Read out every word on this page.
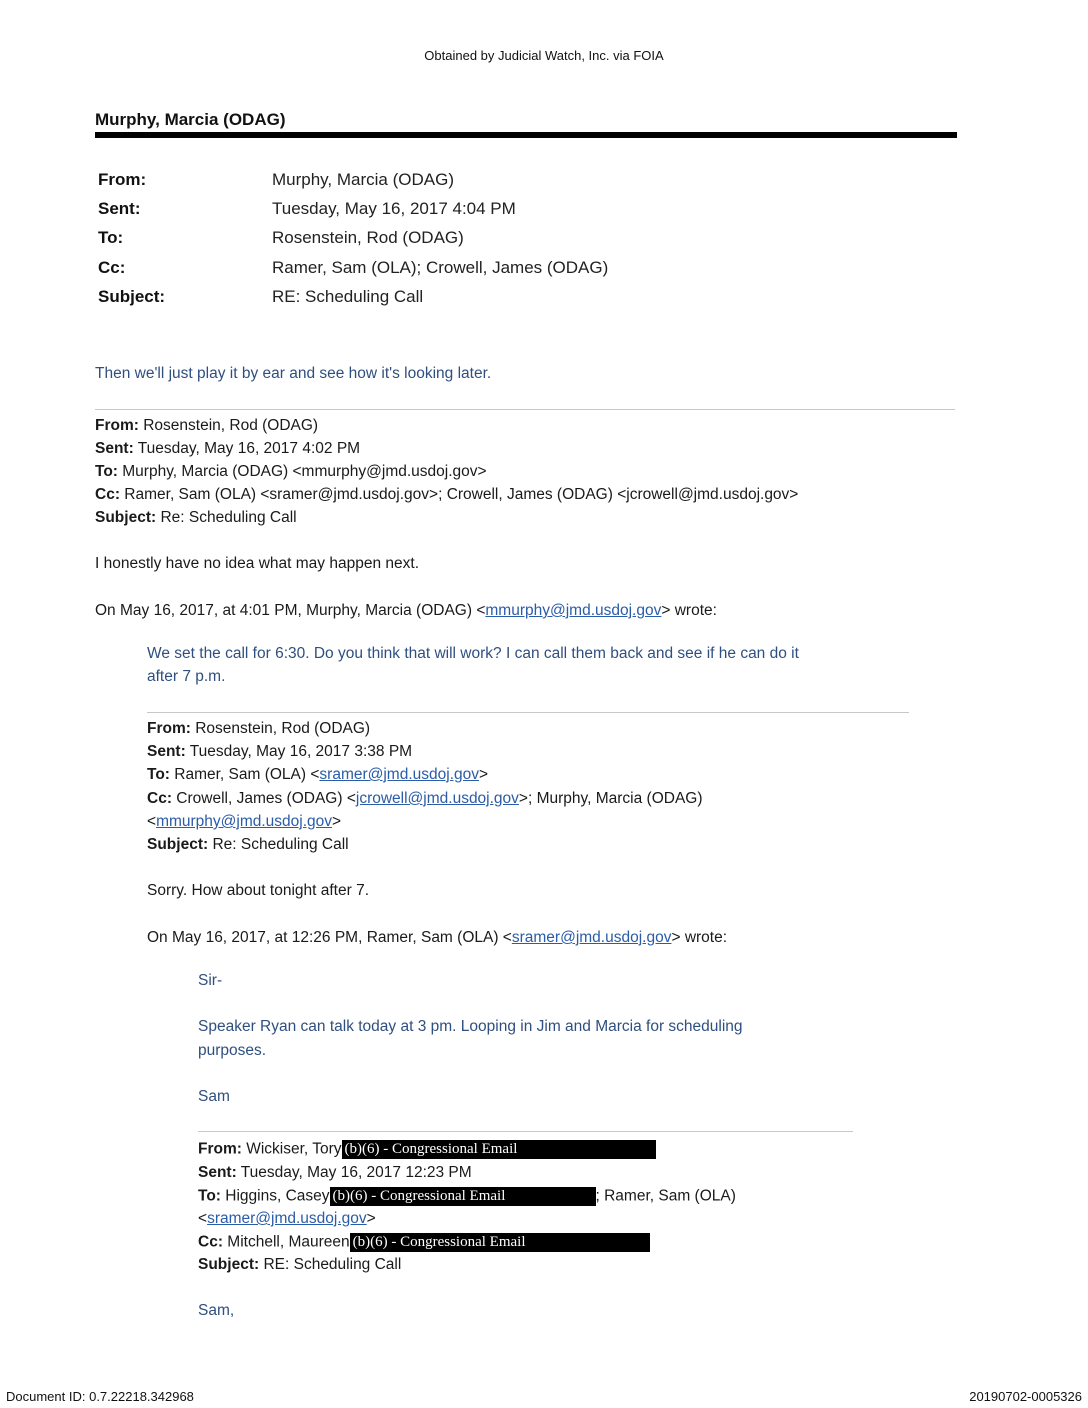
Obtained by Judicial Watch, Inc. via FOIA
Murphy, Marcia (ODAG)
From:	Murphy, Marcia (ODAG)
Sent:	Tuesday, May 16, 2017 4:04 PM
To:	Rosenstein, Rod (ODAG)
Cc:	Ramer, Sam (OLA); Crowell, James (ODAG)
Subject:	RE: Scheduling Call
Then we'll just play it by ear and see how it's looking later.
From: Rosenstein, Rod (ODAG)
Sent: Tuesday, May 16, 2017 4:02 PM
To: Murphy, Marcia (ODAG) <mmurphy@jmd.usdoj.gov>
Cc: Ramer, Sam (OLA) <sramer@jmd.usdoj.gov>; Crowell, James (ODAG) <jcrowell@jmd.usdoj.gov>
Subject: Re: Scheduling Call
I honestly have no idea what may happen next.
On May 16, 2017, at 4:01 PM, Murphy, Marcia (ODAG) <mmurphy@jmd.usdoj.gov> wrote:
We set the call for 6:30. Do you think that will work? I can call them back and see if he can do it
after 7 p.m.
From: Rosenstein, Rod (ODAG)
Sent: Tuesday, May 16, 2017 3:38 PM
To: Ramer, Sam (OLA) <sramer@jmd.usdoj.gov>
Cc: Crowell, James (ODAG) <jcrowell@jmd.usdoj.gov>; Murphy, Marcia (ODAG)
<mmurphy@jmd.usdoj.gov>
Subject: Re: Scheduling Call
Sorry. How about tonight after 7.
On May 16, 2017, at 12:26 PM, Ramer, Sam (OLA) <sramer@jmd.usdoj.gov> wrote:
Sir-
Speaker Ryan can talk today at 3 pm. Looping in Jim and Marcia for scheduling
purposes.
Sam
From: Wickiser, Tory (b)(6) - Congressional Email
Sent: Tuesday, May 16, 2017 12:23 PM
To: Higgins, Casey (b)(6) - Congressional Email	; Ramer, Sam (OLA)
<sramer@jmd.usdoj.gov>
Cc: Mitchell, Maureen (b)(6) - Congressional Email
Subject: RE: Scheduling Call
Sam,
Document ID: 0.7.22218.342968	20190702-0005326
